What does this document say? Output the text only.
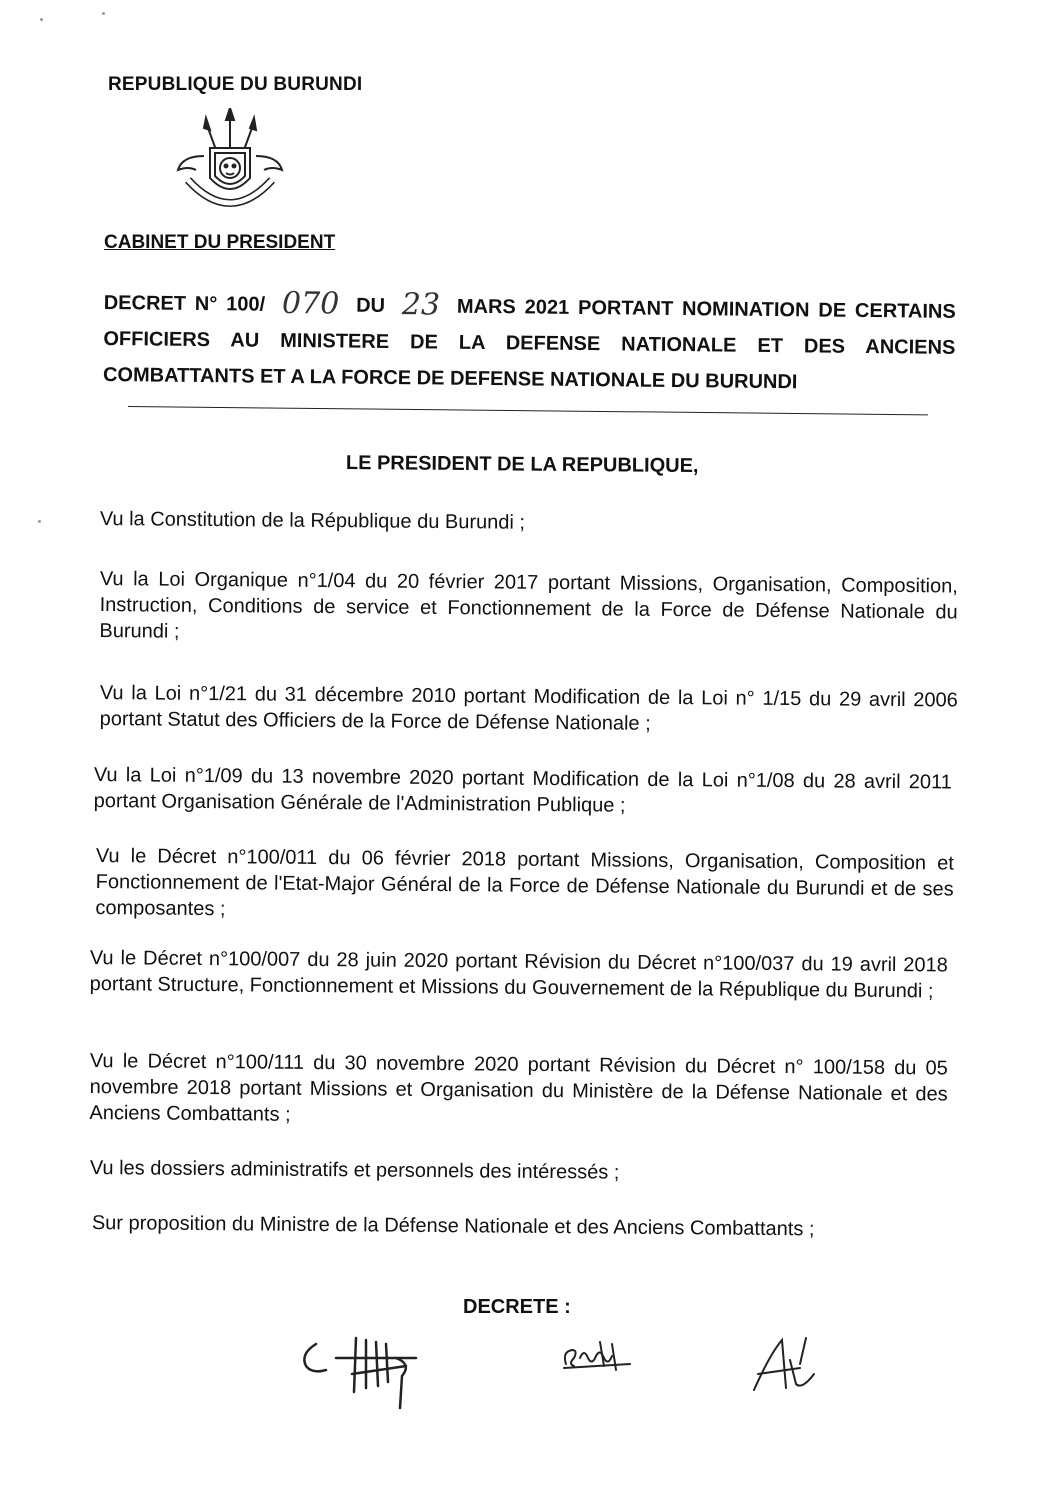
REPUBLIQUE DU BURUNDI
CABINET DU PRESIDENT
DECRET N° 100/ 070 DU 23 MARS 2021 PORTANT NOMINATION DE CERTAINS OFFICIERS AU MINISTERE DE LA DEFENSE NATIONALE ET DES ANCIENS COMBATTANTS ET A LA FORCE DE DEFENSE NATIONALE DU BURUNDI
LE PRESIDENT DE LA REPUBLIQUE,
Vu la Constitution de la République du Burundi ;
Vu la Loi Organique n°1/04 du 20 février 2017 portant Missions, Organisation, Composition, Instruction, Conditions de service et Fonctionnement de la Force de Défense Nationale du Burundi ;
Vu la Loi n°1/21 du 31 décembre 2010 portant Modification de la Loi n° 1/15 du 29 avril 2006 portant Statut des Officiers de la Force de Défense Nationale ;
Vu la Loi n°1/09 du 13 novembre 2020 portant Modification de la Loi n°1/08 du 28 avril 2011 portant Organisation Générale de l'Administration Publique ;
Vu le Décret n°100/011 du 06 février 2018 portant Missions, Organisation, Composition et Fonctionnement de l'Etat-Major Général de la Force de Défense Nationale du Burundi et de ses composantes ;
Vu le Décret n°100/007 du 28 juin 2020 portant Révision du Décret n°100/037 du 19 avril 2018 portant Structure, Fonctionnement et Missions du Gouvernement de la République du Burundi ;
Vu le Décret n°100/111 du 30 novembre 2020 portant Révision du Décret n° 100/158 du 05 novembre 2018 portant Missions et Organisation du Ministère de la Défense Nationale et des Anciens Combattants ;
Vu les dossiers administratifs et personnels des intéressés ;
Sur proposition du Ministre de la Défense Nationale et des Anciens Combattants ;
DECRETE :
